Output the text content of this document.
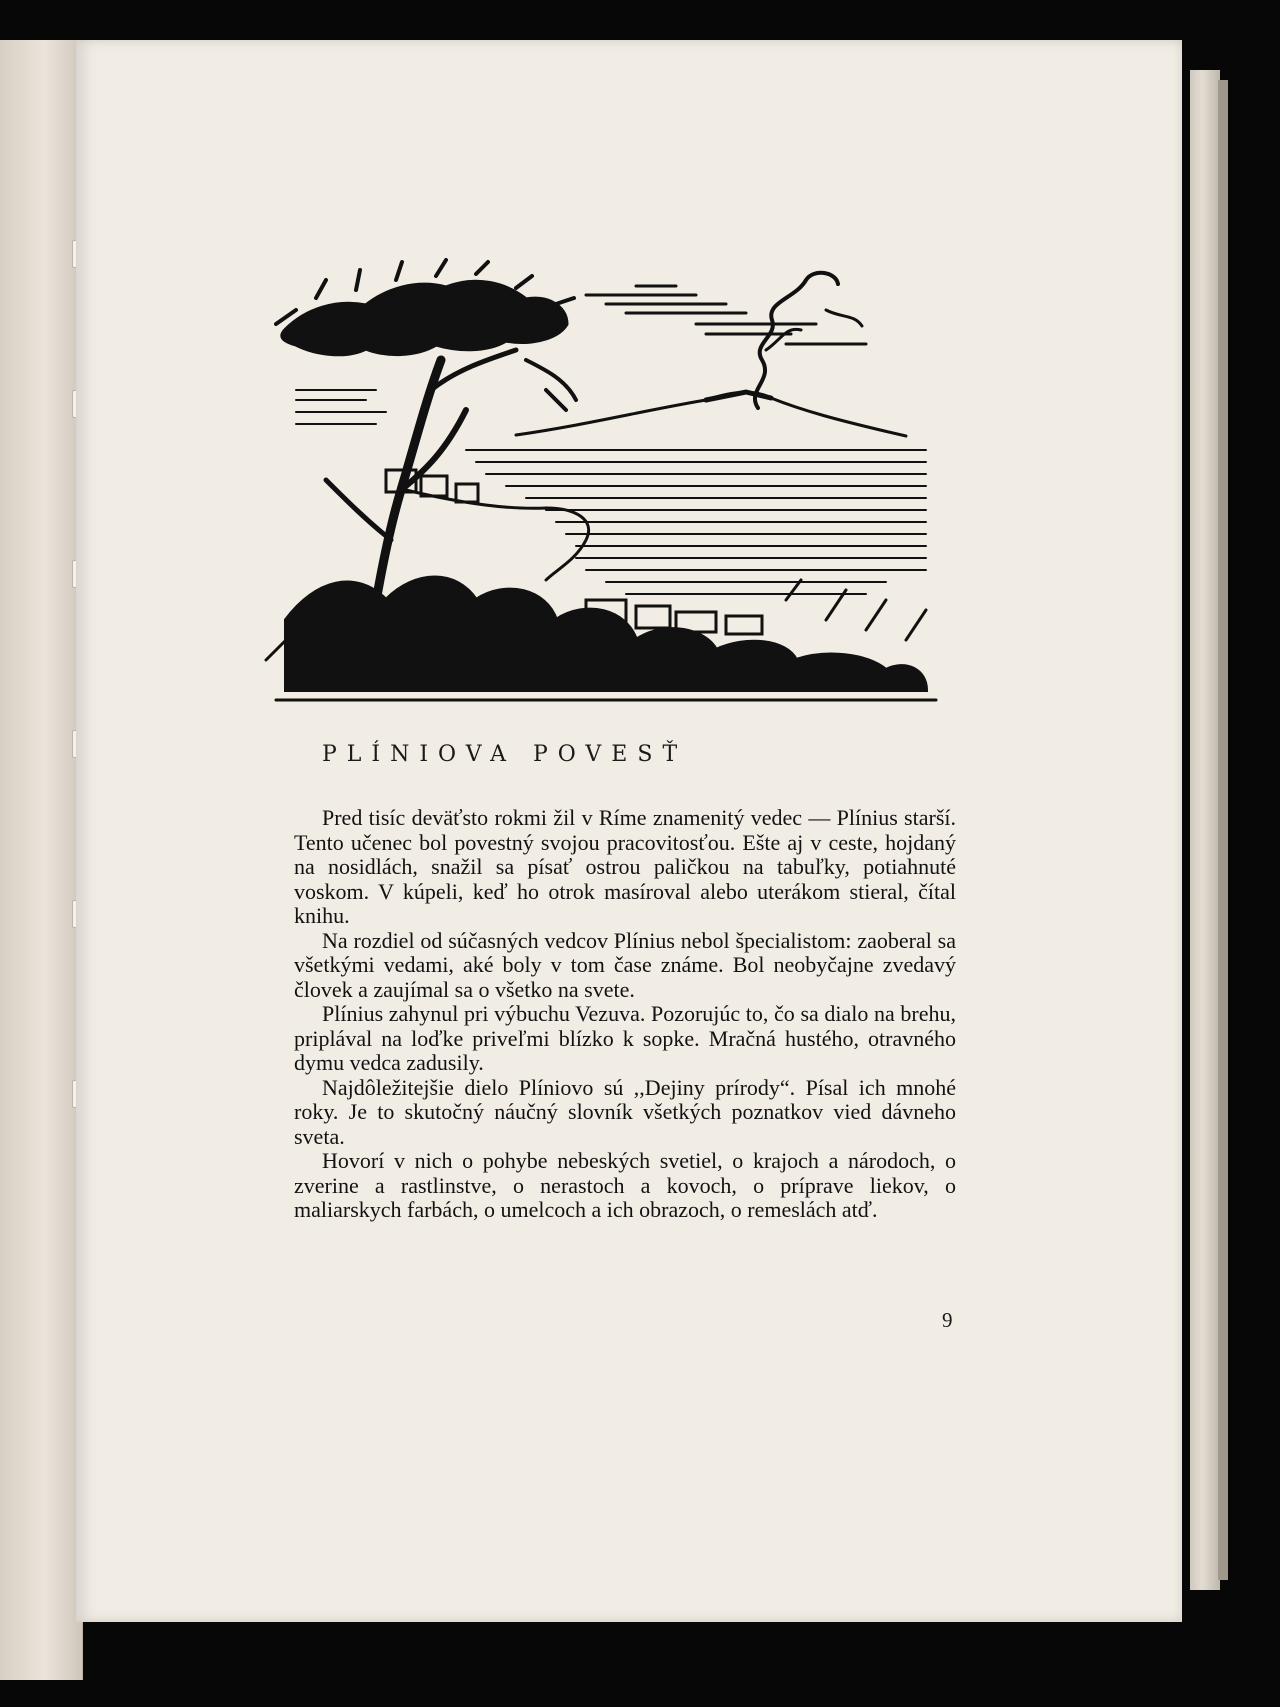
PLÍNIOVA POVESŤ

Pred tisíc deväťsto rokmi žil v Ríme znamenitý vedec — Plínius starší. Tento učenec bol povestný svojou pracovitosťou. Ešte aj v ceste, hojdaný na nosidlách, snažil sa písať ostrou paličkou na tabuľky, potiahnuté voskom. V kúpeli, keď ho otrok masíroval alebo uterákom stieral, čítal knihu.

Na rozdiel od súčasných vedcov Plínius nebol špecialistom: zaoberal sa všetkými vedami, aké boly v tom čase známe. Bol neobyčajne zvedavý človek a zaujímal sa o všetko na svete.

Plínius zahynul pri výbuchu Vezuva. Pozorujúc to, čo sa dialo na brehu, priplával na loďke priveľmi blízko k sopke. Mračná hustého, otravného dymu vedca zadusily.

Najdôležitejšie dielo Plíniovo sú ,,Dejiny prírody“. Písal ich mnohé roky. Je to skutočný náučný slovník všetkých poznatkov vied dávneho sveta.

Hovorí v nich o pohybe nebeských svetiel, o krajoch a národoch, o zverine a rastlinstve, o nerastoch a kovoch, o príprave liekov, o maliarskych farbách, o umelcoch a ich obrazoch, o remeslách atď.

9
